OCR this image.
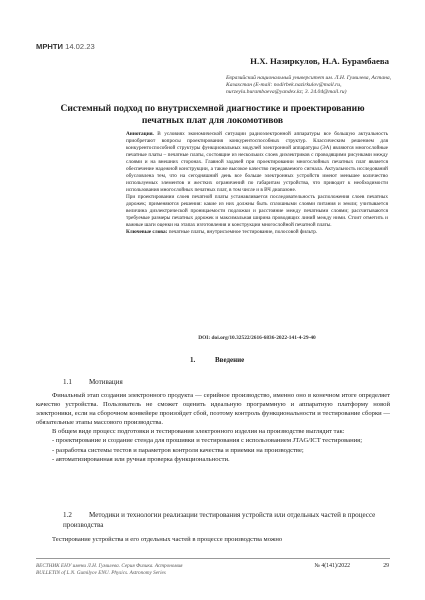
МРНТИ 14.02.23
Н.Х. Назиркулов, Н.А. Бурамбаева
Евразийский национальный университет им. Л.Н. Гумилева, Астана, Казахстан (E-mail: nodirbek.nazirkulov@mail.ru, nurzeyla.burambaeva@yandex.kz; 3. 24.04@mail.ru)
Системный подход по внутрисхемной диагностике и проектированию
печатных плат для локомотивов

Аннотация. В условиях экономической ситуации радиоэлектронной аппаратуры все большую актуальность приобретают вопросы проектирования конкурентоспособных структур. Классическим решением для конкурентоспособной структуры функциональных модулей электронной аппаратуры (ЭА) являются многослойные печатные платы – печатные платы, состоящие из нескольких слоев диэлектриков с проводящими рисунками между слоями и на внешних сторонах. Главной задачей при проектировании многослойных печатных плат является обеспечение надежной конструкции, а также высокое качество передаваемого сигнала. Актуальность исследований обусловлена тем, что на сегодняшний день все больше электронных устройств имеют меньшее количество используемых элементов и жестких ограничений по габаритам устройства, что приводит к необходимости использования многослойных печатных плат, в том числе и в ВЧ диапазоне.

При проектировании слоев печатной платы устанавливается последовательность расположения слоев печатных дорожек; применяются решения: какие из них должны быть сплошными слоями питания и земли; учитывается величина диэлектрической проницаемости подложки и расстояние между печатными слоями; рассчитываются требуемые размеры печатных дорожек и максимальная ширина проводящих линий между ними. Стоит отметить и важные шаги оценки на этапах изготовления и конструкции многослойной печатной платы.

Ключевые слова: печатные платы, внутрисхемное тестирование, полосовой фильтр.

DOI: doi.org/10.32522/2616-6836-2022-141-4-29-40
1.	Введение
1.1 Мотивация

Финальный этап создания электронного продукта — серийное производство, именно оно в конечном итоге определяет качество устройства. Пользователь не сможет оценить идеальную программную и аппаратную платформу новой электроники, если на сборочном конвейере произойдет сбой, поэтому контроль функциональности и тестирование сборки — обязательные этапы массового производства.

В общем виде процесс подготовки и тестирования электронного изделия на производстве выглядит так:

- проектирование и создание стенда для прошивки и тестирования с использованием JTAG/ICT тестирования;

- разработка системы тестов и параметров контроля качества и приемки на производстве;

- автоматизированная или ручная проверка функциональности.

1.2 Методики и технологии реализации тестирования устройств или отдельных частей в процессе производства

Тестирование устройства и его отдельных частей в процессе производства можно

ВЕСТНИК ЕНУ имени Л.Н. Гумилева. Серия Физика. Астрономия
BULLETIN of L.N. Gumilyov ENU. Physics. Astronomy Series
№ 4(141)/2022	29
